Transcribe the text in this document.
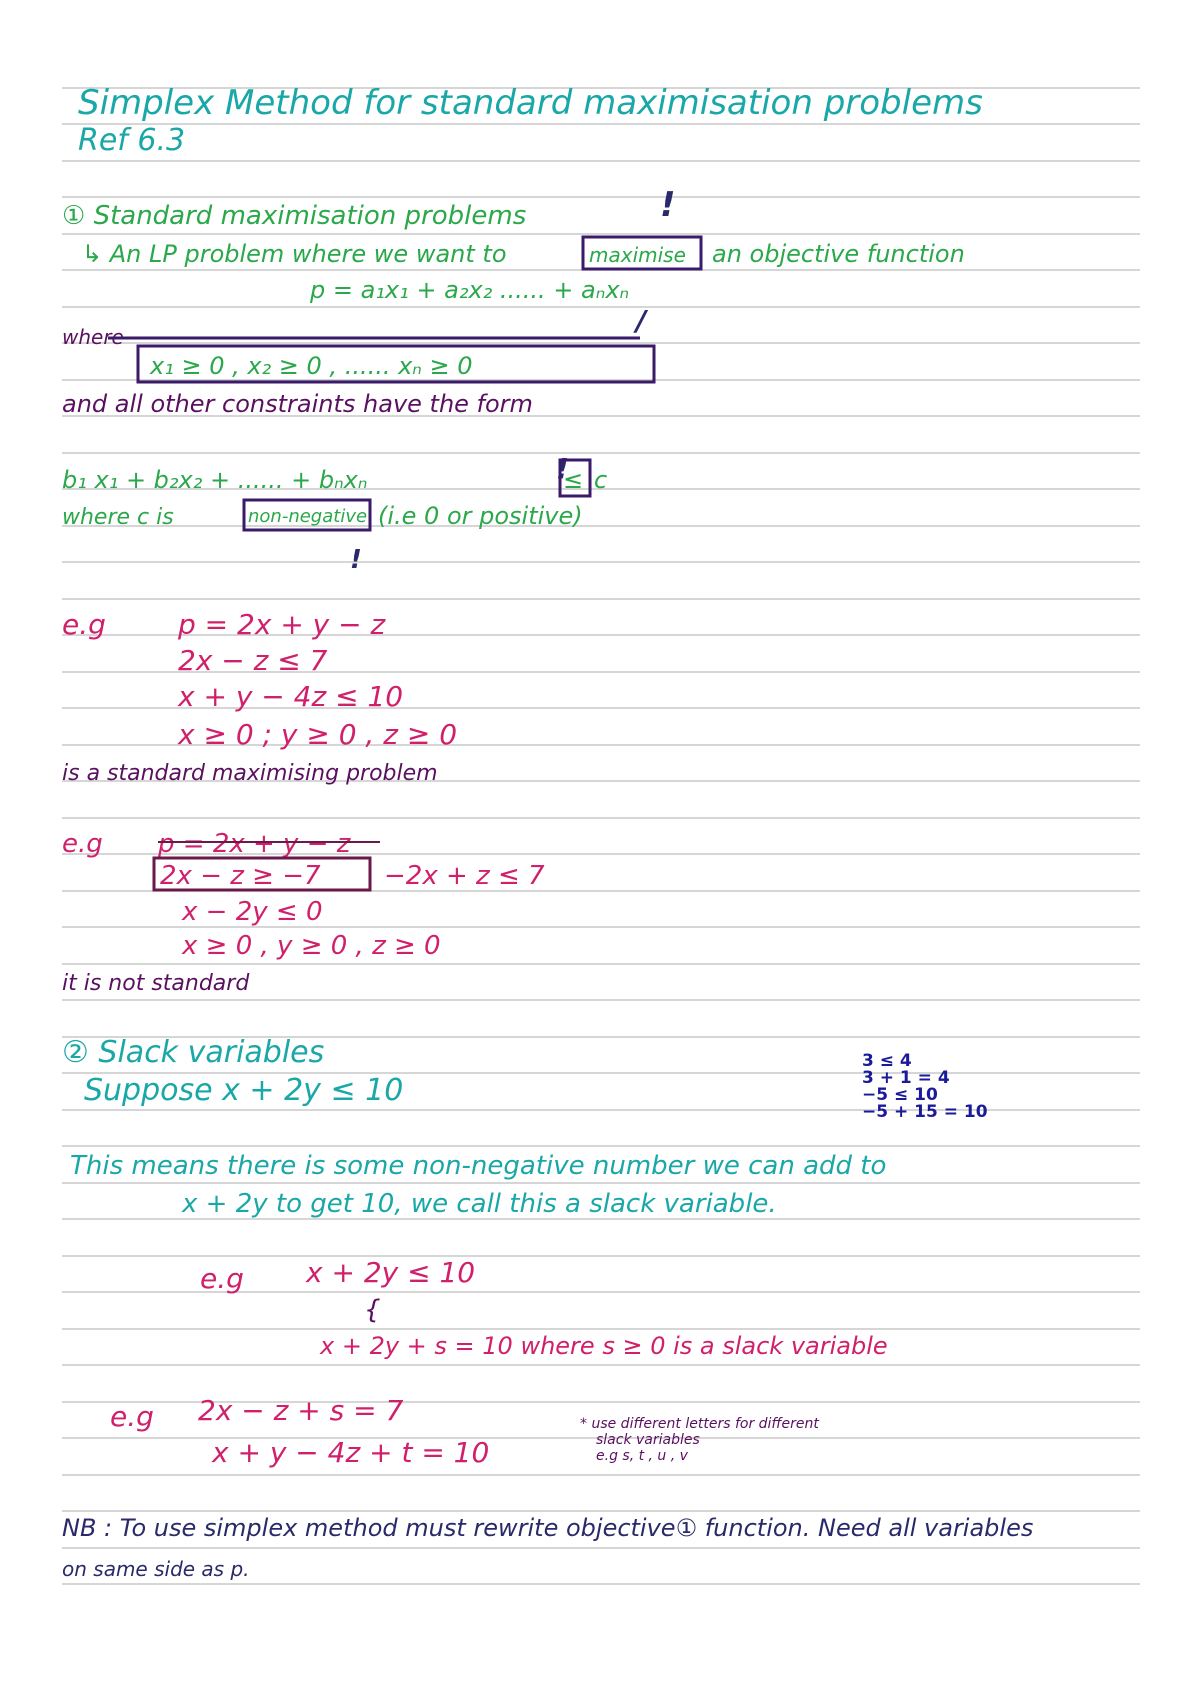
Simplex Method for standard maximisation problems
Ref 6.3
① Standard maximisation problems	!
↳ An LP problem where we want to	maximise an objective function
p = a₁x₁ + a₂x₂ ...... + aₙxₙ
/
where
x₁ ≥ 0 , x₂ ≥ 0 , ...... xₙ ≥ 0
and all other constraints have the form
!
b₁ x₁ + b₂x₂ + ...... + bₙxₙ	≤ c
where c is	non-negative (i.e 0 or positive)
!
e.g	p = 2x + y − z
2x − z ≤ 7
x + y − 4z ≤ 10
x ≥ 0 ; y ≥ 0 , z ≥ 0
is a standard maximising problem
e.g p = 2x + y − z
2x − z ≥ −7 −2x + z ≤ 7
x − 2y ≤ 0
x ≥ 0 , y ≥ 0 , z ≥ 0
it is not standard
② Slack variables
Suppose x + 2y ≤ 10
3 ≤ 4
3 + 1 = 4
−5 ≤ 10
−5 + 15 = 10
This means there is some non-negative number we can add to
x + 2y to get 10, we call this a slack variable.
e.g x + 2y ≤ 10
{
x + 2y + s = 10 where s ≥ 0 is a slack variable
e.g 2x − z + s = 7
x + y − 4z + t = 10
* use different letters for different
slack variables
e.g s, t , u , v
NB : To use simplex method must rewrite objective① function. Need all variables
on same side as p.
